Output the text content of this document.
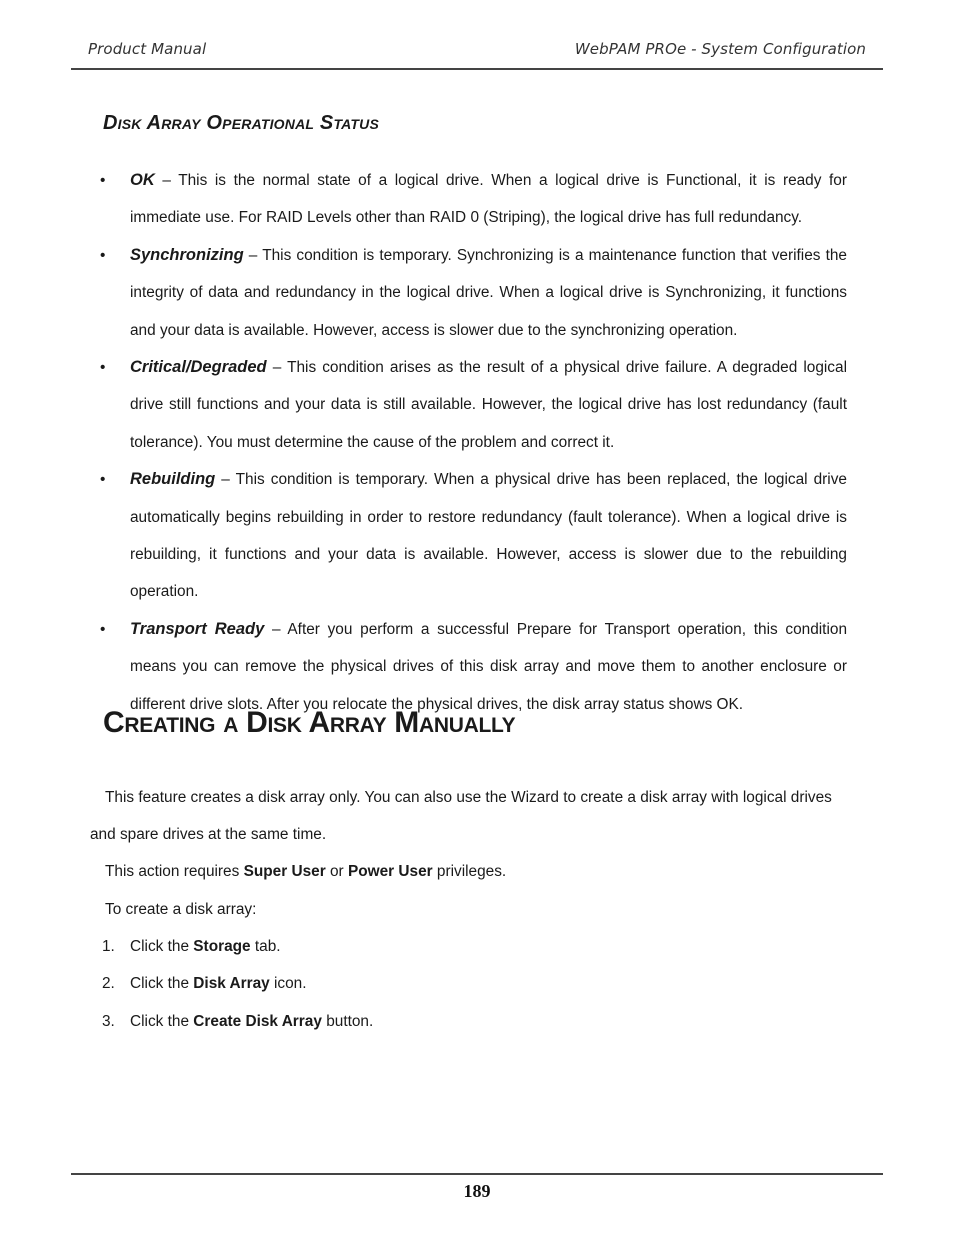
Product Manual	WebPAM PROe - System Configuration
Disk Array Operational Status
• OK – This is the normal state of a logical drive. When a logical drive is Functional, it is ready for immediate use. For RAID Levels other than RAID 0 (Striping), the logical drive has full redundancy.
• Synchronizing – This condition is temporary. Synchronizing is a maintenance function that verifies the integrity of data and redundancy in the logical drive. When a logical drive is Synchronizing, it functions and your data is available. However, access is slower due to the synchronizing operation.
• Critical/Degraded – This condition arises as the result of a physical drive failure. A degraded logical drive still functions and your data is still available. However, the logical drive has lost redundancy (fault tolerance). You must determine the cause of the problem and correct it.
• Rebuilding – This condition is temporary. When a physical drive has been replaced, the logical drive automatically begins rebuilding in order to restore redundancy (fault tolerance). When a logical drive is rebuilding, it functions and your data is available. However, access is slower due to the rebuilding operation.
• Transport Ready – After you perform a successful Prepare for Transport operation, this condition means you can remove the physical drives of this disk array and move them to another enclosure or different drive slots. After you relocate the physical drives, the disk array status shows OK.
Creating a Disk Array Manually
This feature creates a disk array only. You can also use the Wizard to create a disk array with logical drives and spare drives at the same time.
This action requires Super User or Power User privileges.
To create a disk array:
1. Click the Storage tab.
2. Click the Disk Array icon.
3. Click the Create Disk Array button.
189
